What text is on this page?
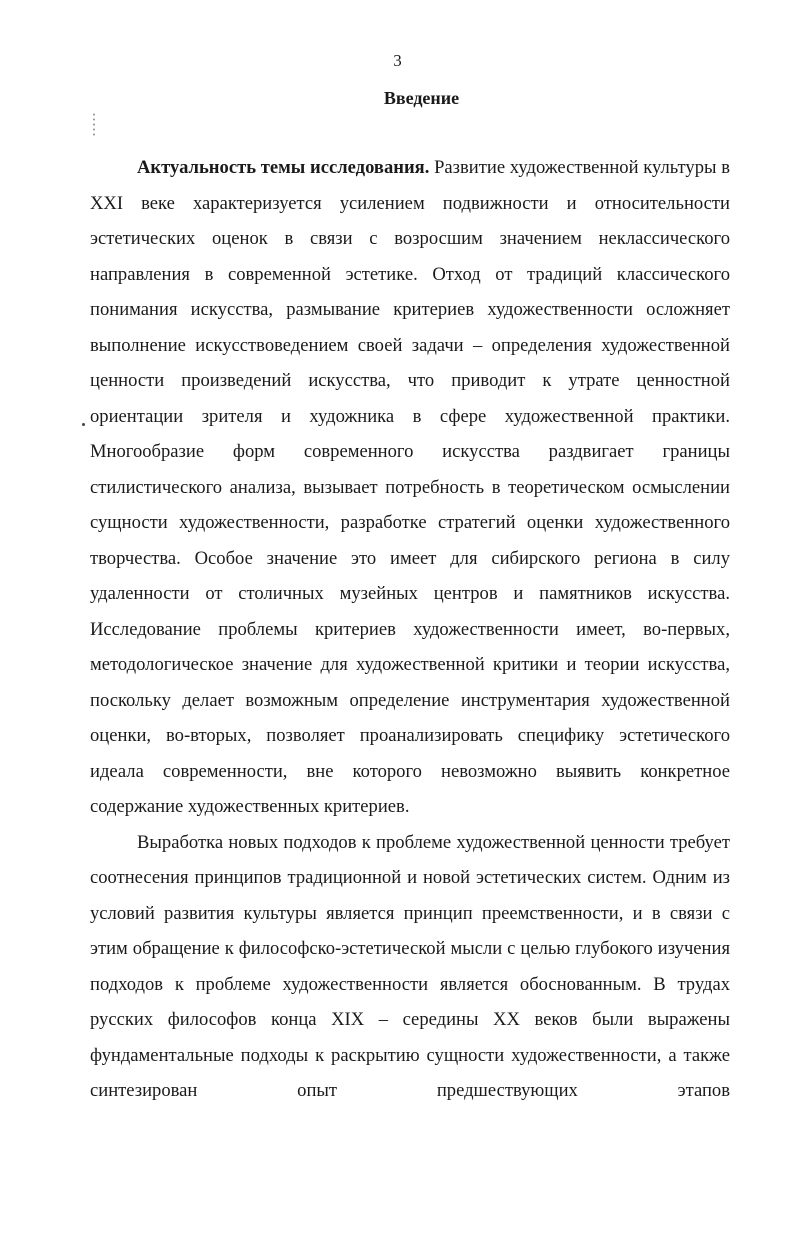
3
Введение

Актуальность темы исследования. Развитие художественной культуры в XXI веке характеризуется усилением подвижности и относительности эстетических оценок в связи с возросшим значением неклассического направления в современной эстетике. Отход от традиций классического понимания искусства, размывание критериев художественности осложняет выполнение искусствоведением своей задачи – определения художественной ценности произведений искусства, что приводит к утрате ценностной ориентации зрителя и художника в сфере художественной практики. Многообразие форм современного искусства раздвигает границы стилистического анализа, вызывает потребность в теоретическом осмыслении сущности художественности, разработке стратегий оценки художественного творчества. Особое значение это имеет для сибирского региона в силу удаленности от столичных музейных центров и памятников искусства. Исследование проблемы критериев художественности имеет, во-первых, методологическое значение для художественной критики и теории искусства, поскольку делает возможным определение инструментария художественной оценки, во-вторых, позволяет проанализировать специфику эстетического идеала современности, вне которого невозможно выявить конкретное содержание художественных критериев.

Выработка новых подходов к проблеме художественной ценности требует соотнесения принципов традиционной и новой эстетических систем. Одним из условий развития культуры является принцип преемственности, и в связи с этим обращение к философско-эстетической мысли с целью глубокого изучения подходов к проблеме художественности является обоснованным. В трудах русских философов конца XIX – середины XX веков были выражены фундаментальные подходы к раскрытию сущности художественности, а также синтезирован опыт предшествующих этапов
